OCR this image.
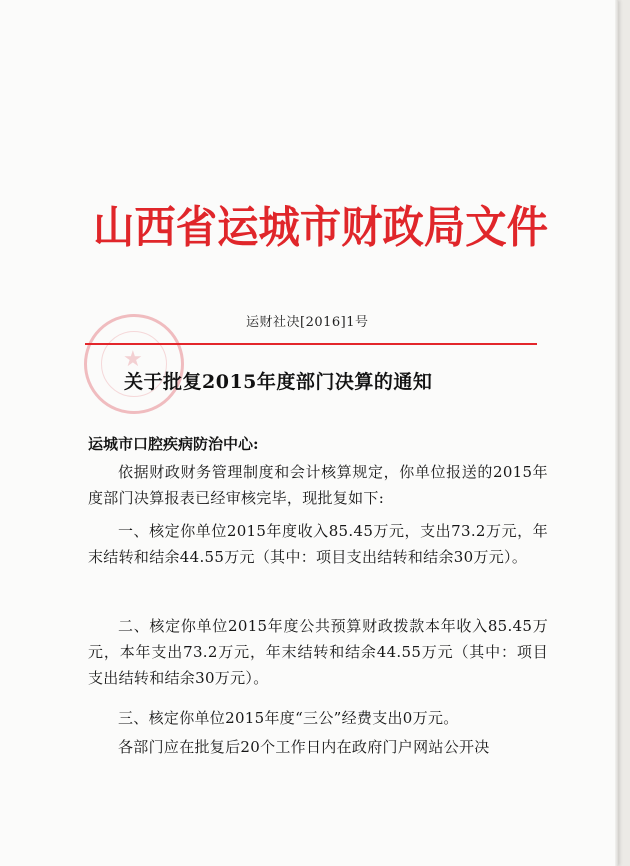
★
山西省运城市财政局文件
运财社决[2016]1号
关于批复2015年度部门决算的通知
运城市口腔疾病防治中心:

依据财政财务管理制度和会计核算规定，你单位报送的2015年度部门决算报表已经审核完毕，现批复如下:

一、核定你单位2015年度收入85.45万元，支出73.2万元，年末结转和结余44.55万元（其中：项目支出结转和结余30万元）。

二、核定你单位2015年度公共预算财政拨款本年收入85.45万元，本年支出73.2万元，年末结转和结余44.55万元（其中：项目支出结转和结余30万元）。

三、核定你单位2015年度“三公”经费支出0万元。

各部门应在批复后20个工作日内在政府门户网站公开决
